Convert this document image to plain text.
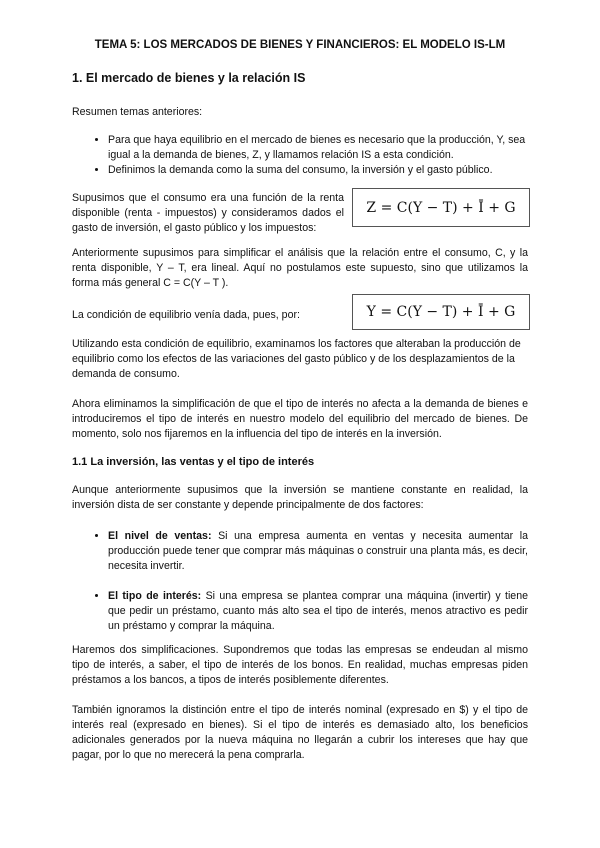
TEMA 5: LOS MERCADOS DE BIENES Y FINANCIEROS: EL MODELO IS-LM
1. El mercado de bienes y la relación IS
Resumen temas anteriores:
• Para que haya equilibrio en el mercado de bienes es necesario que la producción, Y, sea igual a la demanda de bienes, Z, y llamamos relación IS a esta condición.
• Definimos la demanda como la suma del consumo, la inversión y el gasto público.
Supusimos que el consumo era una función de la renta disponible (renta - impuestos) y consideramos dados el gasto de inversión, el gasto público y los impuestos:
Z = C(Y − T) + Ī + G
Anteriormente supusimos para simplificar el análisis que la relación entre el consumo, C, y la renta disponible, Y – T, era lineal. Aquí no postulamos este supuesto, sino que utilizamos la forma más general C = C(Y – T ).
La condición de equilibrio venía dada, pues, por:	Y = C(Y − T) + Ī + G
Utilizando esta condición de equilibrio, examinamos los factores que alteraban la producción de equilibrio como los efectos de las variaciones del gasto público y de los desplazamientos de la demanda de consumo.
Ahora eliminamos la simplificación de que el tipo de interés no afecta a la demanda de bienes e introduciremos el tipo de interés en nuestro modelo del equilibrio del mercado de bienes. De momento, solo nos fijaremos en la influencia del tipo de interés en la inversión.
1.1 La inversión, las ventas y el tipo de interés
Aunque anteriormente supusimos que la inversión se mantiene constante en realidad, la inversión dista de ser constante y depende principalmente de dos factores:
• El nivel de ventas: Si una empresa aumenta en ventas y necesita aumentar la producción puede tener que comprar más máquinas o construir una planta más, es decir, necesita invertir.
• El tipo de interés: Si una empresa se plantea comprar una máquina (invertir) y tiene que pedir un préstamo, cuanto más alto sea el tipo de interés, menos atractivo es pedir un préstamo y comprar la máquina.
Haremos dos simplificaciones. Supondremos que todas las empresas se endeudan al mismo tipo de interés, a saber, el tipo de interés de los bonos. En realidad, muchas empresas piden préstamos a los bancos, a tipos de interés posiblemente diferentes.
También ignoramos la distinción entre el tipo de interés nominal (expresado en $) y el tipo de interés real (expresado en bienes). Si el tipo de interés es demasiado alto, los beneficios adicionales generados por la nueva máquina no llegarán a cubrir los intereses que hay que pagar, por lo que no merecerá la pena comprarla.
